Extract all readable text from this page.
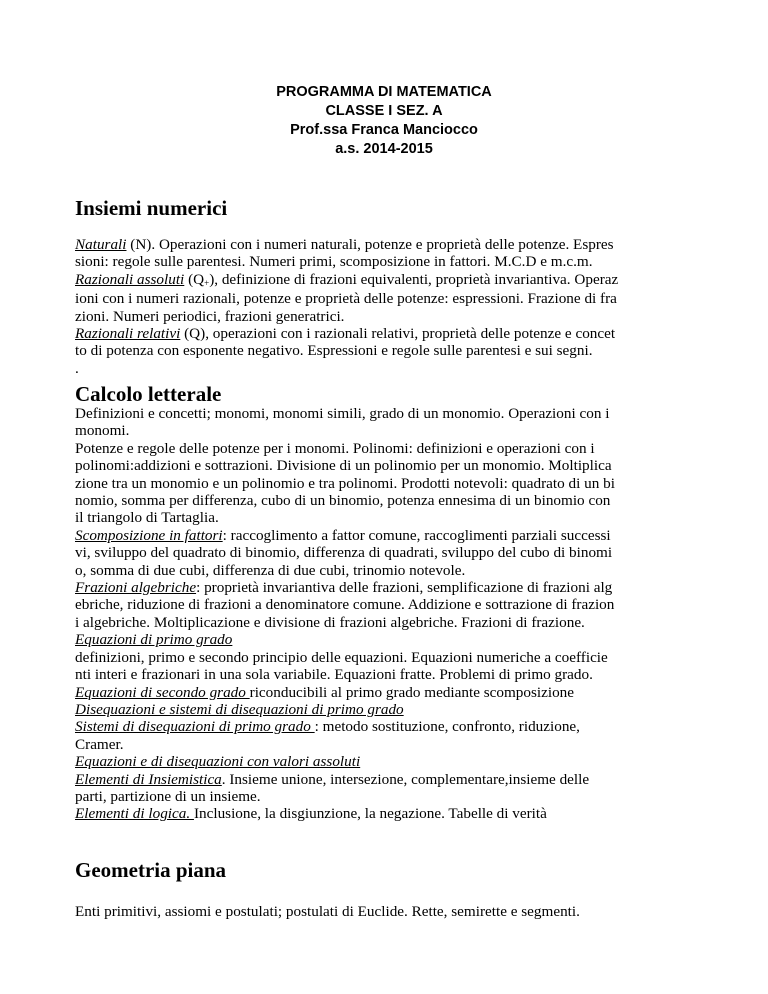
PROGRAMMA DI MATEMATICA
CLASSE I SEZ. A
Prof.ssa Franca Manciocco
a.s. 2014-2015
Insiemi numerici

Naturali (N). Operazioni con i numeri naturali, potenze e proprietà delle potenze. Espres

sioni: regole sulle parentesi. Numeri primi, scomposizione in fattori. M.C.D e m.c.m.

Razionali assoluti (Q+), definizione di frazioni equivalenti, proprietà invariantiva. Operaz

ioni con i numeri razionali, potenze e proprietà delle potenze: espressioni. Frazione di fra

zioni. Numeri periodici, frazioni generatrici.

Razionali relativi (Q), operazioni con i razionali relativi, proprietà delle potenze e concet

to di potenza con esponente negativo. Espressioni e regole sulle parentesi e sui segni.

.

Calcolo letterale

Definizioni e concetti; monomi, monomi simili, grado di un monomio. Operazioni con i

monomi.

Potenze e regole delle potenze per i monomi. Polinomi: definizioni e operazioni con i

polinomi:addizioni e sottrazioni. Divisione di un polinomio per un monomio. Moltiplica

zione tra un monomio e un polinomio e tra polinomi. Prodotti notevoli: quadrato di un bi

nomio, somma per differenza, cubo di un binomio, potenza ennesima di un binomio con

il triangolo di Tartaglia.

Scomposizione in fattori: raccoglimento a fattor comune, raccoglimenti parziali successi

vi, sviluppo del quadrato di binomio, differenza di quadrati, sviluppo del cubo di binomi

o, somma di due cubi, differenza di due cubi, trinomio notevole.

Frazioni algebriche: proprietà invariantiva delle frazioni, semplificazione di frazioni alg

ebriche, riduzione di frazioni a denominatore comune. Addizione e sottrazione di frazion

i algebriche. Moltiplicazione e divisione di frazioni algebriche. Frazioni di frazione.

Equazioni di primo grado

definizioni, primo e secondo principio delle equazioni. Equazioni numeriche a coefficie

nti interi e frazionari in una sola variabile. Equazioni fratte. Problemi di primo grado.

Equazioni di secondo grado riconducibili al primo grado mediante scomposizione

Disequazioni e sistemi di disequazioni di primo grado

Sistemi di disequazioni di primo grado : metodo sostituzione, confronto, riduzione,

Cramer.

Equazioni e di disequazioni con valori assoluti

Elementi di Insiemistica. Insieme unione, intersezione, complementare,insieme delle

parti, partizione di un insieme.

Elementi di logica. Inclusione, la disgiunzione, la negazione. Tabelle di verità

Geometria piana

Enti primitivi, assiomi e postulati; postulati di Euclide. Rette, semirette e segmenti.
